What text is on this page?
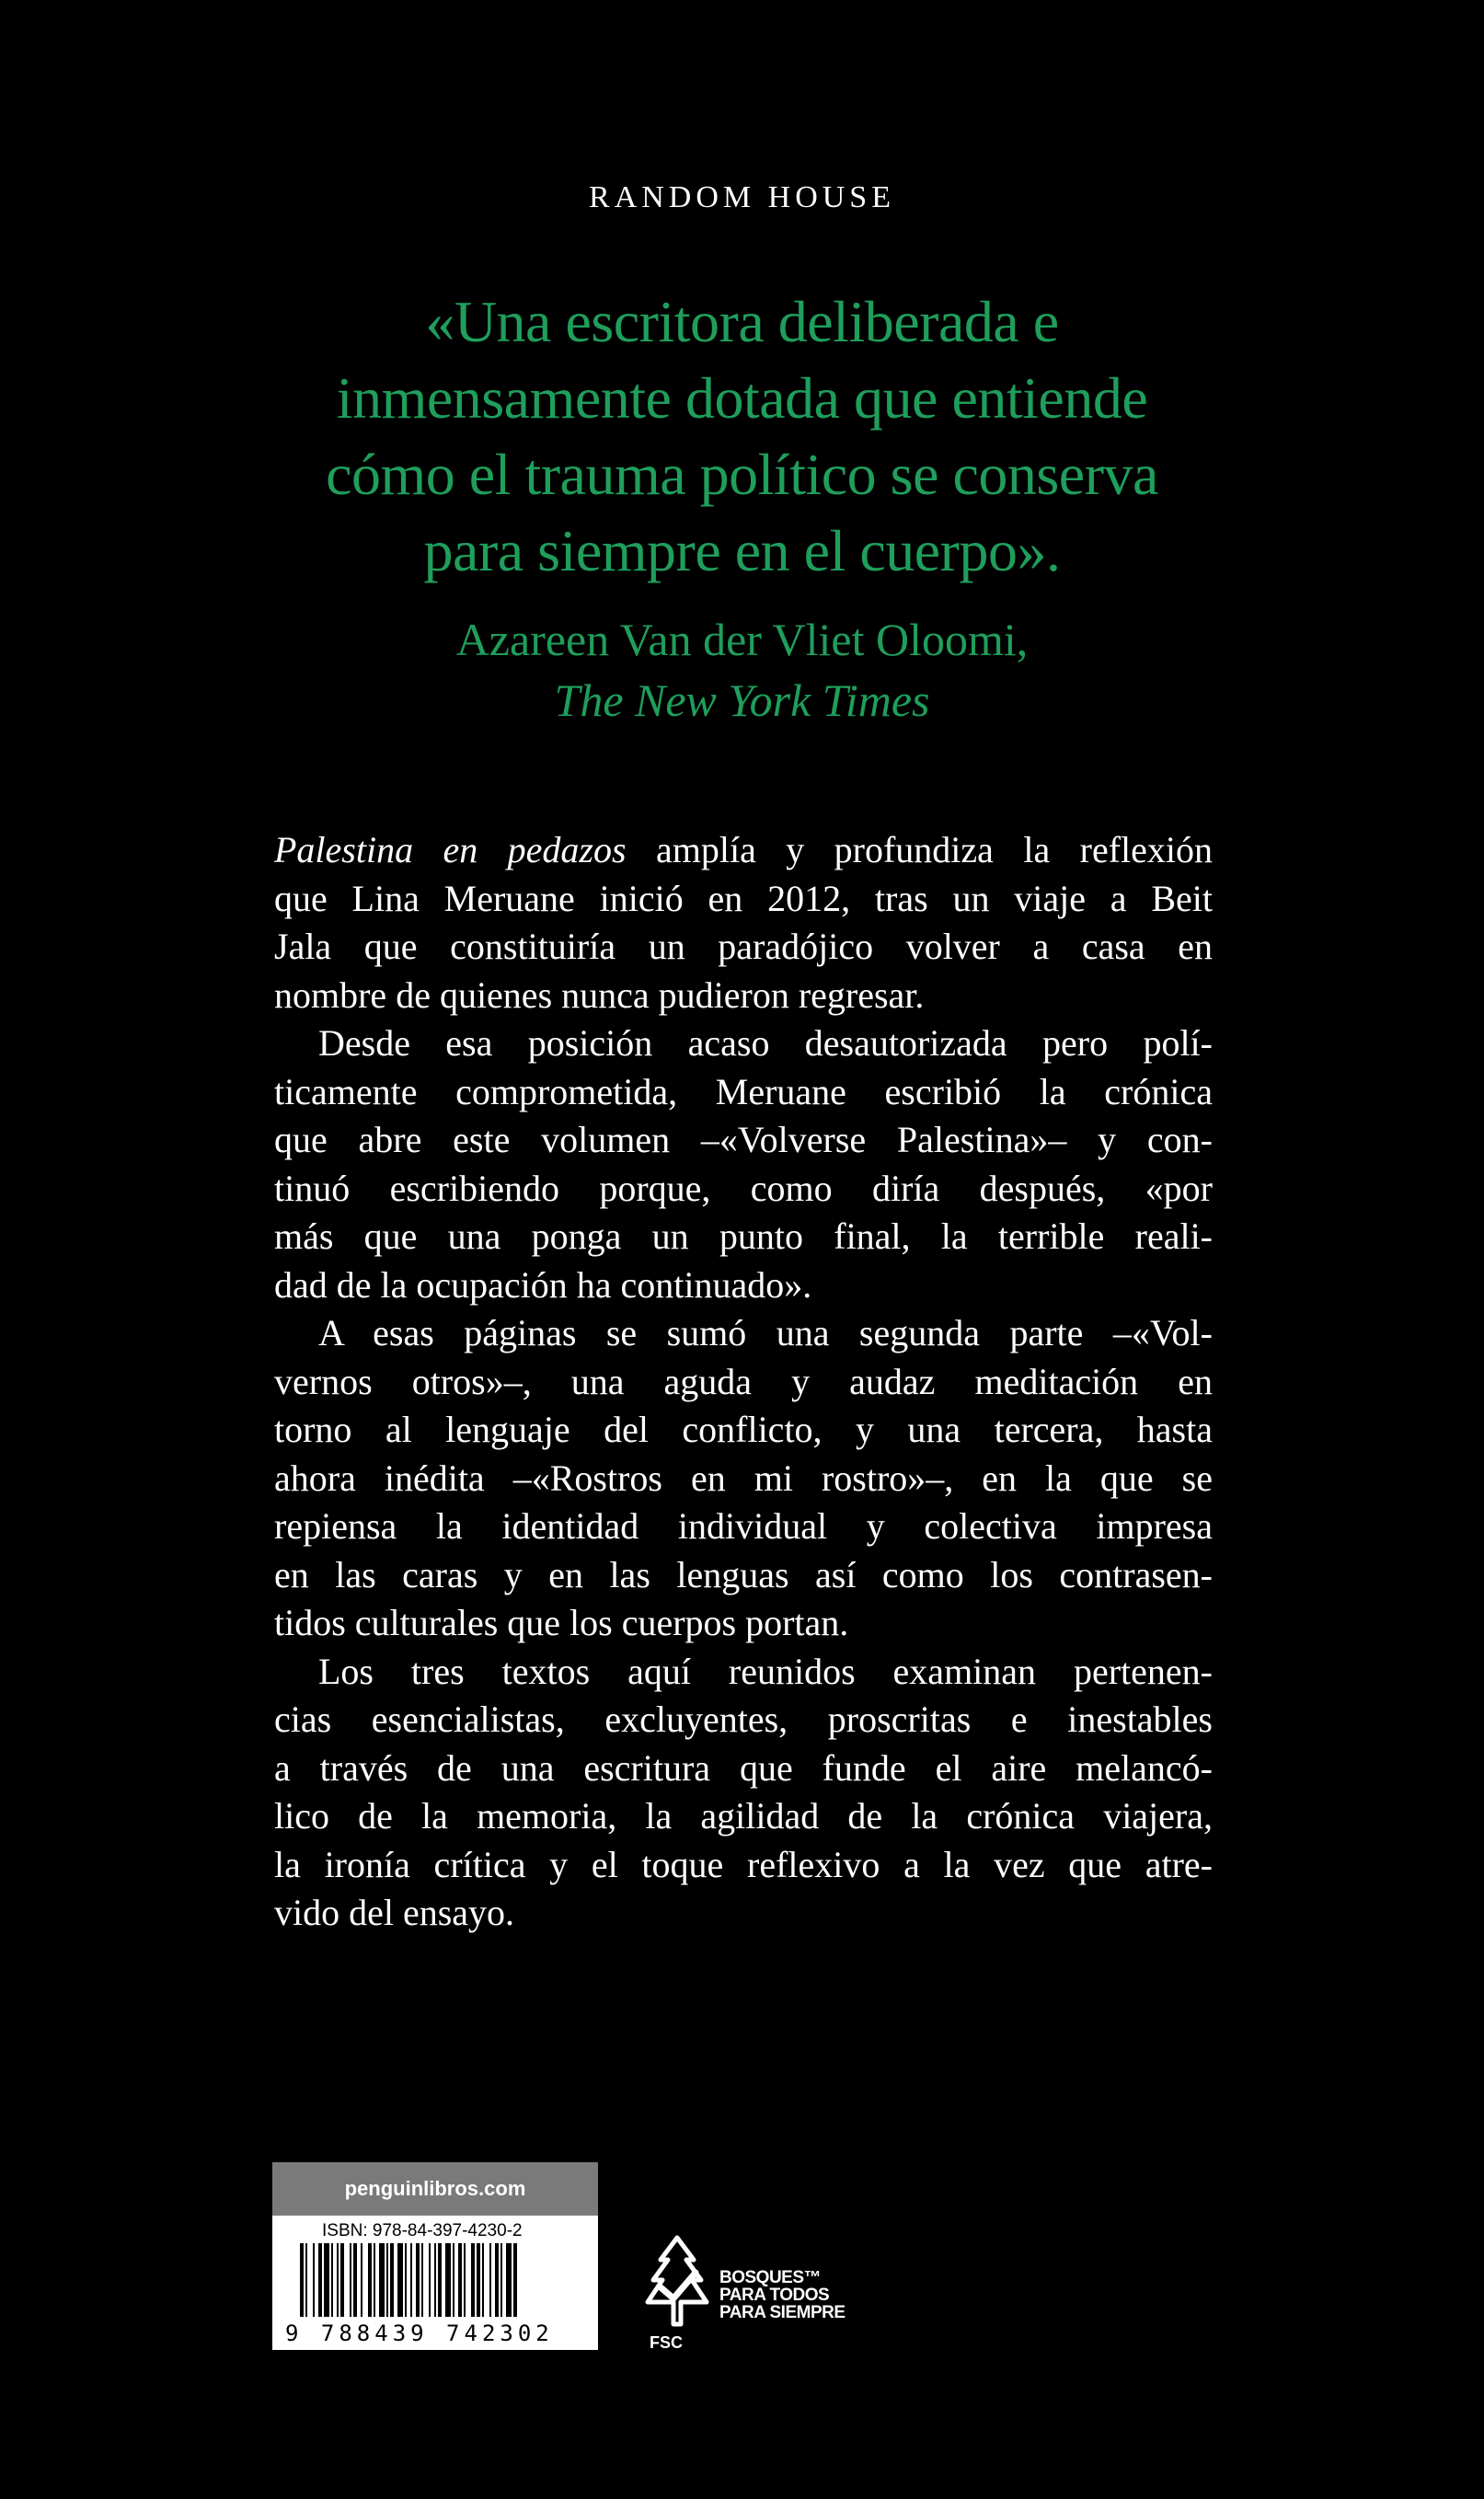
RANDOM HOUSE
«Una escritora deliberada e
inmensamente dotada que entiende
cómo el trauma político se conserva
para siempre en el cuerpo».
Azareen Van der Vliet Oloomi,
The New York Times
Palestina en pedazos amplía y profundiza la reflexión
que Lina Meruane inició en 2012, tras un viaje a Beit
Jala que constituiría un paradójico volver a casa en
nombre de quienes nunca pudieron regresar.
Desde esa posición acaso desautorizada pero polí-
ticamente comprometida, Meruane escribió la crónica
que abre este volumen –«Volverse Palestina»– y con-
tinuó escribiendo porque, como diría después, «por
más que una ponga un punto final, la terrible reali-
dad de la ocupación ha continuado».
A esas páginas se sumó una segunda parte –«Vol-
vernos otros»–, una aguda y audaz meditación en
torno al lenguaje del conflicto, y una tercera, hasta
ahora inédita –«Rostros en mi rostro»–, en la que se
repiensa la identidad individual y colectiva impresa
en las caras y en las lenguas así como los contrasen-
tidos culturales que los cuerpos portan.
Los tres textos aquí reunidos examinan pertenen-
cias esencialistas, excluyentes, proscritas e inestables
a través de una escritura que funde el aire melancó-
lico de la memoria, la agilidad de la crónica viajera,
la ironía crítica y el toque reflexivo a la vez que atre-
vido del ensayo.
penguinlibros.com
ISBN: 978-84-397-4230-2
9 788439 742302
BOSQUES™
PARA TODOS
PARA SIEMPRE
FSC
